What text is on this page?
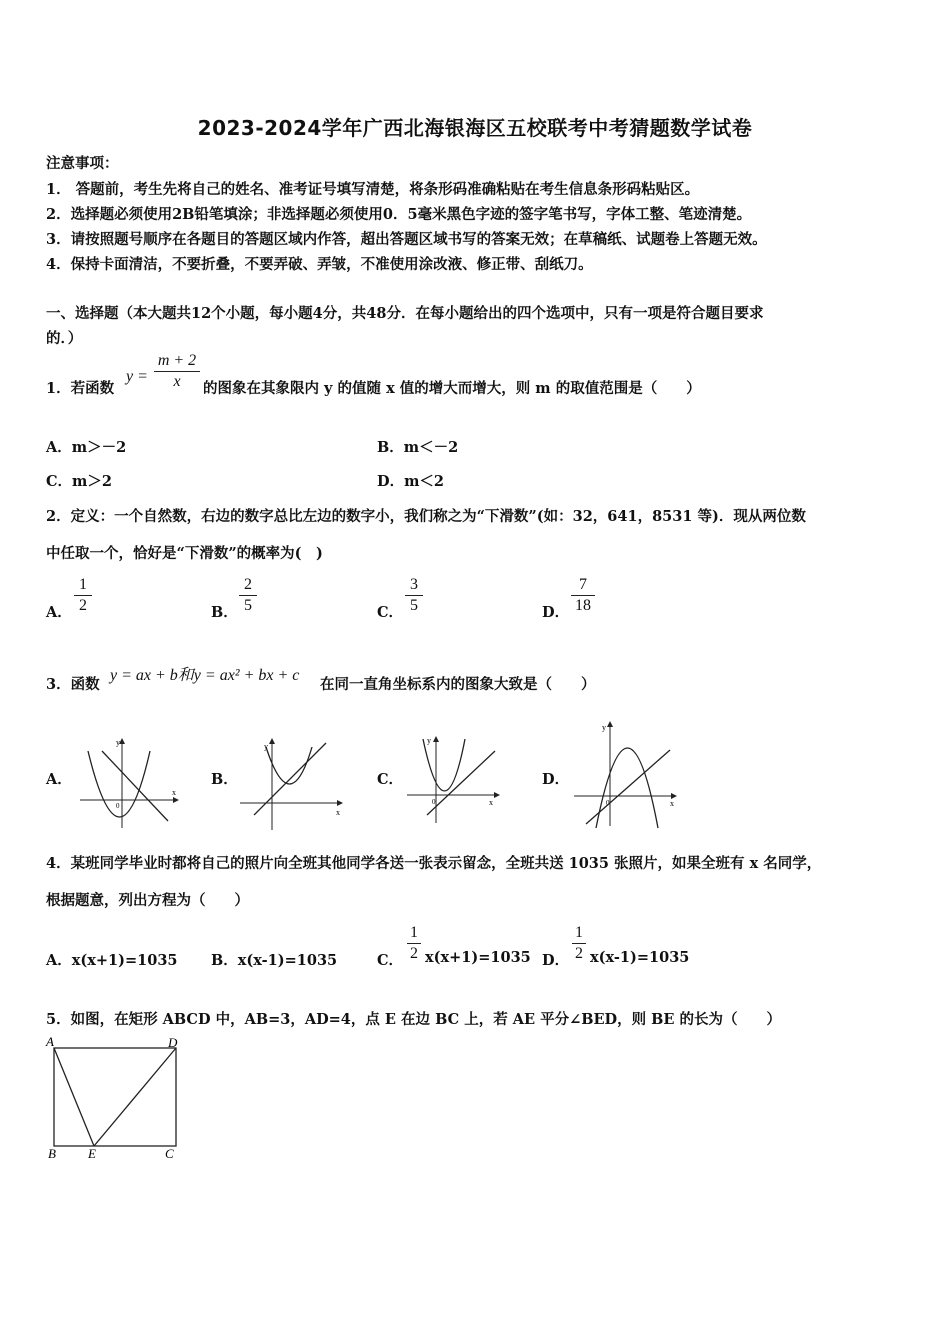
2023-2024学年广西北海银海区五校联考中考猜题数学试卷
注意事项：
1． 答题前，考生先将自己的姓名、准考证号填写清楚，将条形码准确粘贴在考生信息条形码粘贴区。
2．选择题必须使用2B铅笔填涂；非选择题必须使用0．5毫米黑色字迹的签字笔书写，字体工整、笔迹清楚。
3．请按照题号顺序在各题目的答题区域内作答，超出答题区域书写的答案无效；在草稿纸、试题卷上答题无效。
4．保持卡面清洁，不要折叠，不要弄破、弄皱，不准使用涂改液、修正带、刮纸刀。
一、选择题（本大题共12个小题，每小题4分，共48分．在每小题给出的四个选项中，只有一项是符合题目要求
的．）
1．若函数
y =
m + 2
x	的图象在其象限内 y 的值随 x 值的增大而增大，则 m 的取值范围是（　　）
A．m＞－2	B．m＜－2
C．m＞2	D．m＜2
2．定义：一个自然数，右边的数字总比左边的数字小，我们称之为“下滑数”(如：32，641，8531 等)．现从两位数
中任取一个，恰好是“下滑数”的概率为(　)
A．
1
2	B．
2
5	C．
3
5	D．
7
18
3．函数
y = ax + b和y = ax² + bx + c
在同一直角坐标系内的图象大致是（　　）
A．	B．	C．	D．
x
y
0
x
y
x
y
0	x
y
0
4．某班同学毕业时都将自己的照片向全班其他同学各送一张表示留念，全班共送 1035 张照片，如果全班有 x 名同学，
根据题意，列出方程为（　　）
A．x(x+1)=1035 B．x(x-1)=1035	C．
1
2 x(x+1)=1035 D．
1
2 x(x-1)=1035
5．如图，在矩形 ABCD 中，AB=3，AD=4，点 E 在边 BC 上，若 AE 平分∠BED，则 BE 的长为（　　）
A	D
B E	C
